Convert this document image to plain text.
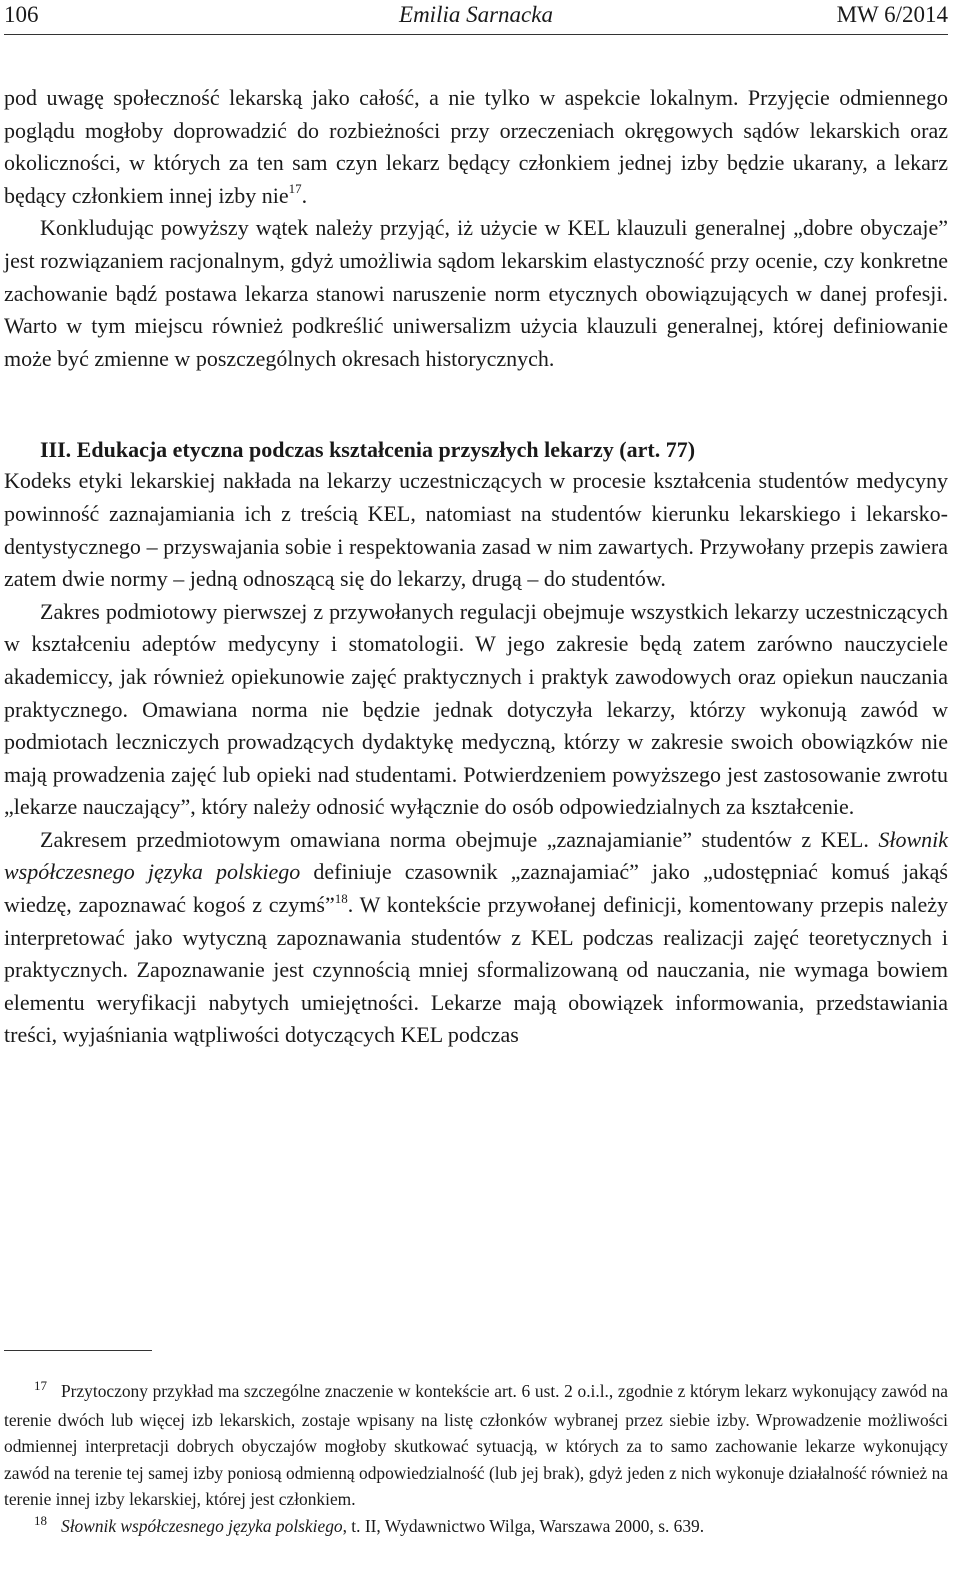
106	Emilia Sarnacka	MW 6/2014

pod uwagę społeczność lekarską jako całość, a nie tylko w aspekcie lokalnym. Przyjęcie odmiennego poglądu mogłoby doprowadzić do rozbieżności przy orzeczeniach okręgowych sądów lekarskich oraz okoliczności, w których za ten sam czyn lekarz będący członkiem jednej izby będzie ukarany, a lekarz będący członkiem innej izby nie$^{17}$.

Konkludując powyższy wątek należy przyjąć, iż użycie w KEL klauzuli generalnej „dobre obyczaje” jest rozwiązaniem racjonalnym, gdyż umożliwia sądom lekarskim elastyczność przy ocenie, czy konkretne zachowanie bądź postawa lekarza stanowi naruszenie norm etycznych obowiązujących w danej profesji. Warto w tym miejscu również podkreślić uniwersalizm użycia klauzuli generalnej, której definiowanie może być zmienne w poszczególnych okresach historycznych.

III. Edukacja etyczna podczas kształcenia przyszłych lekarzy (art. 77)

Kodeks etyki lekarskiej nakłada na lekarzy uczestniczących w procesie kształcenia studentów medycyny powinność zaznajamiania ich z treścią KEL, natomiast na studentów kierunku lekarskiego i lekarsko-dentystycznego – przyswajania sobie i respektowania zasad w nim zawartych. Przywołany przepis zawiera zatem dwie normy – jedną odnoszącą się do lekarzy, drugą – do studentów.

Zakres podmiotowy pierwszej z przywołanych regulacji obejmuje wszystkich lekarzy uczestniczących w kształceniu adeptów medycyny i stomatologii. W jego zakresie będą zatem zarówno nauczyciele akademiccy, jak również opiekunowie zajęć praktycznych i praktyk zawodowych oraz opiekun nauczania praktycznego. Omawiana norma nie będzie jednak dotyczyła lekarzy, którzy wykonują zawód w podmiotach leczniczych prowadzących dydaktykę medyczną, którzy w zakresie swoich obowiązków nie mają prowadzenia zajęć lub opieki nad studentami. Potwierdzeniem powyższego jest zastosowanie zwrotu „lekarze nauczający”, który należy odnosić wyłącznie do osób odpowiedzialnych za kształcenie.

Zakresem przedmiotowym omawiana norma obejmuje „zaznajamianie” studentów z KEL. Słownik współczesnego języka polskiego definiuje czasownik „zaznajamiać” jako „udostępniać komuś jakąś wiedzę, zapoznawać kogoś z czymś”$^{18}$. W kontekście przywołanej definicji, komentowany przepis należy interpretować jako wytyczną zapoznawania studentów z KEL podczas realizacji zajęć teoretycznych i praktycznych. Zapoznawanie jest czynnością mniej sformalizowaną od nauczania, nie wymaga bowiem elementu weryfikacji nabytych umiejętności. Lekarze mają obowiązek informowania, przedstawiania treści, wyjaśniania wątpliwości dotyczących KEL podczas

$^{17}$ Przytoczony przykład ma szczególne znaczenie w kontekście art. 6 ust. 2 o.i.l., zgodnie z którym lekarz wykonujący zawód na terenie dwóch lub więcej izb lekarskich, zostaje wpisany na listę członków wybranej przez siebie izby. Wprowadzenie możliwości odmiennej interpretacji dobrych obyczajów mogłoby skutkować sytuacją, w których za to samo zachowanie lekarze wykonujący zawód na terenie tej samej izby poniosą odmienną odpowiedzialność (lub jej brak), gdyż jeden z nich wykonuje działalność również na terenie innej izby lekarskiej, której jest członkiem.

$^{18}$ Słownik współczesnego języka polskiego, t. II, Wydawnictwo Wilga, Warszawa 2000, s. 639.
